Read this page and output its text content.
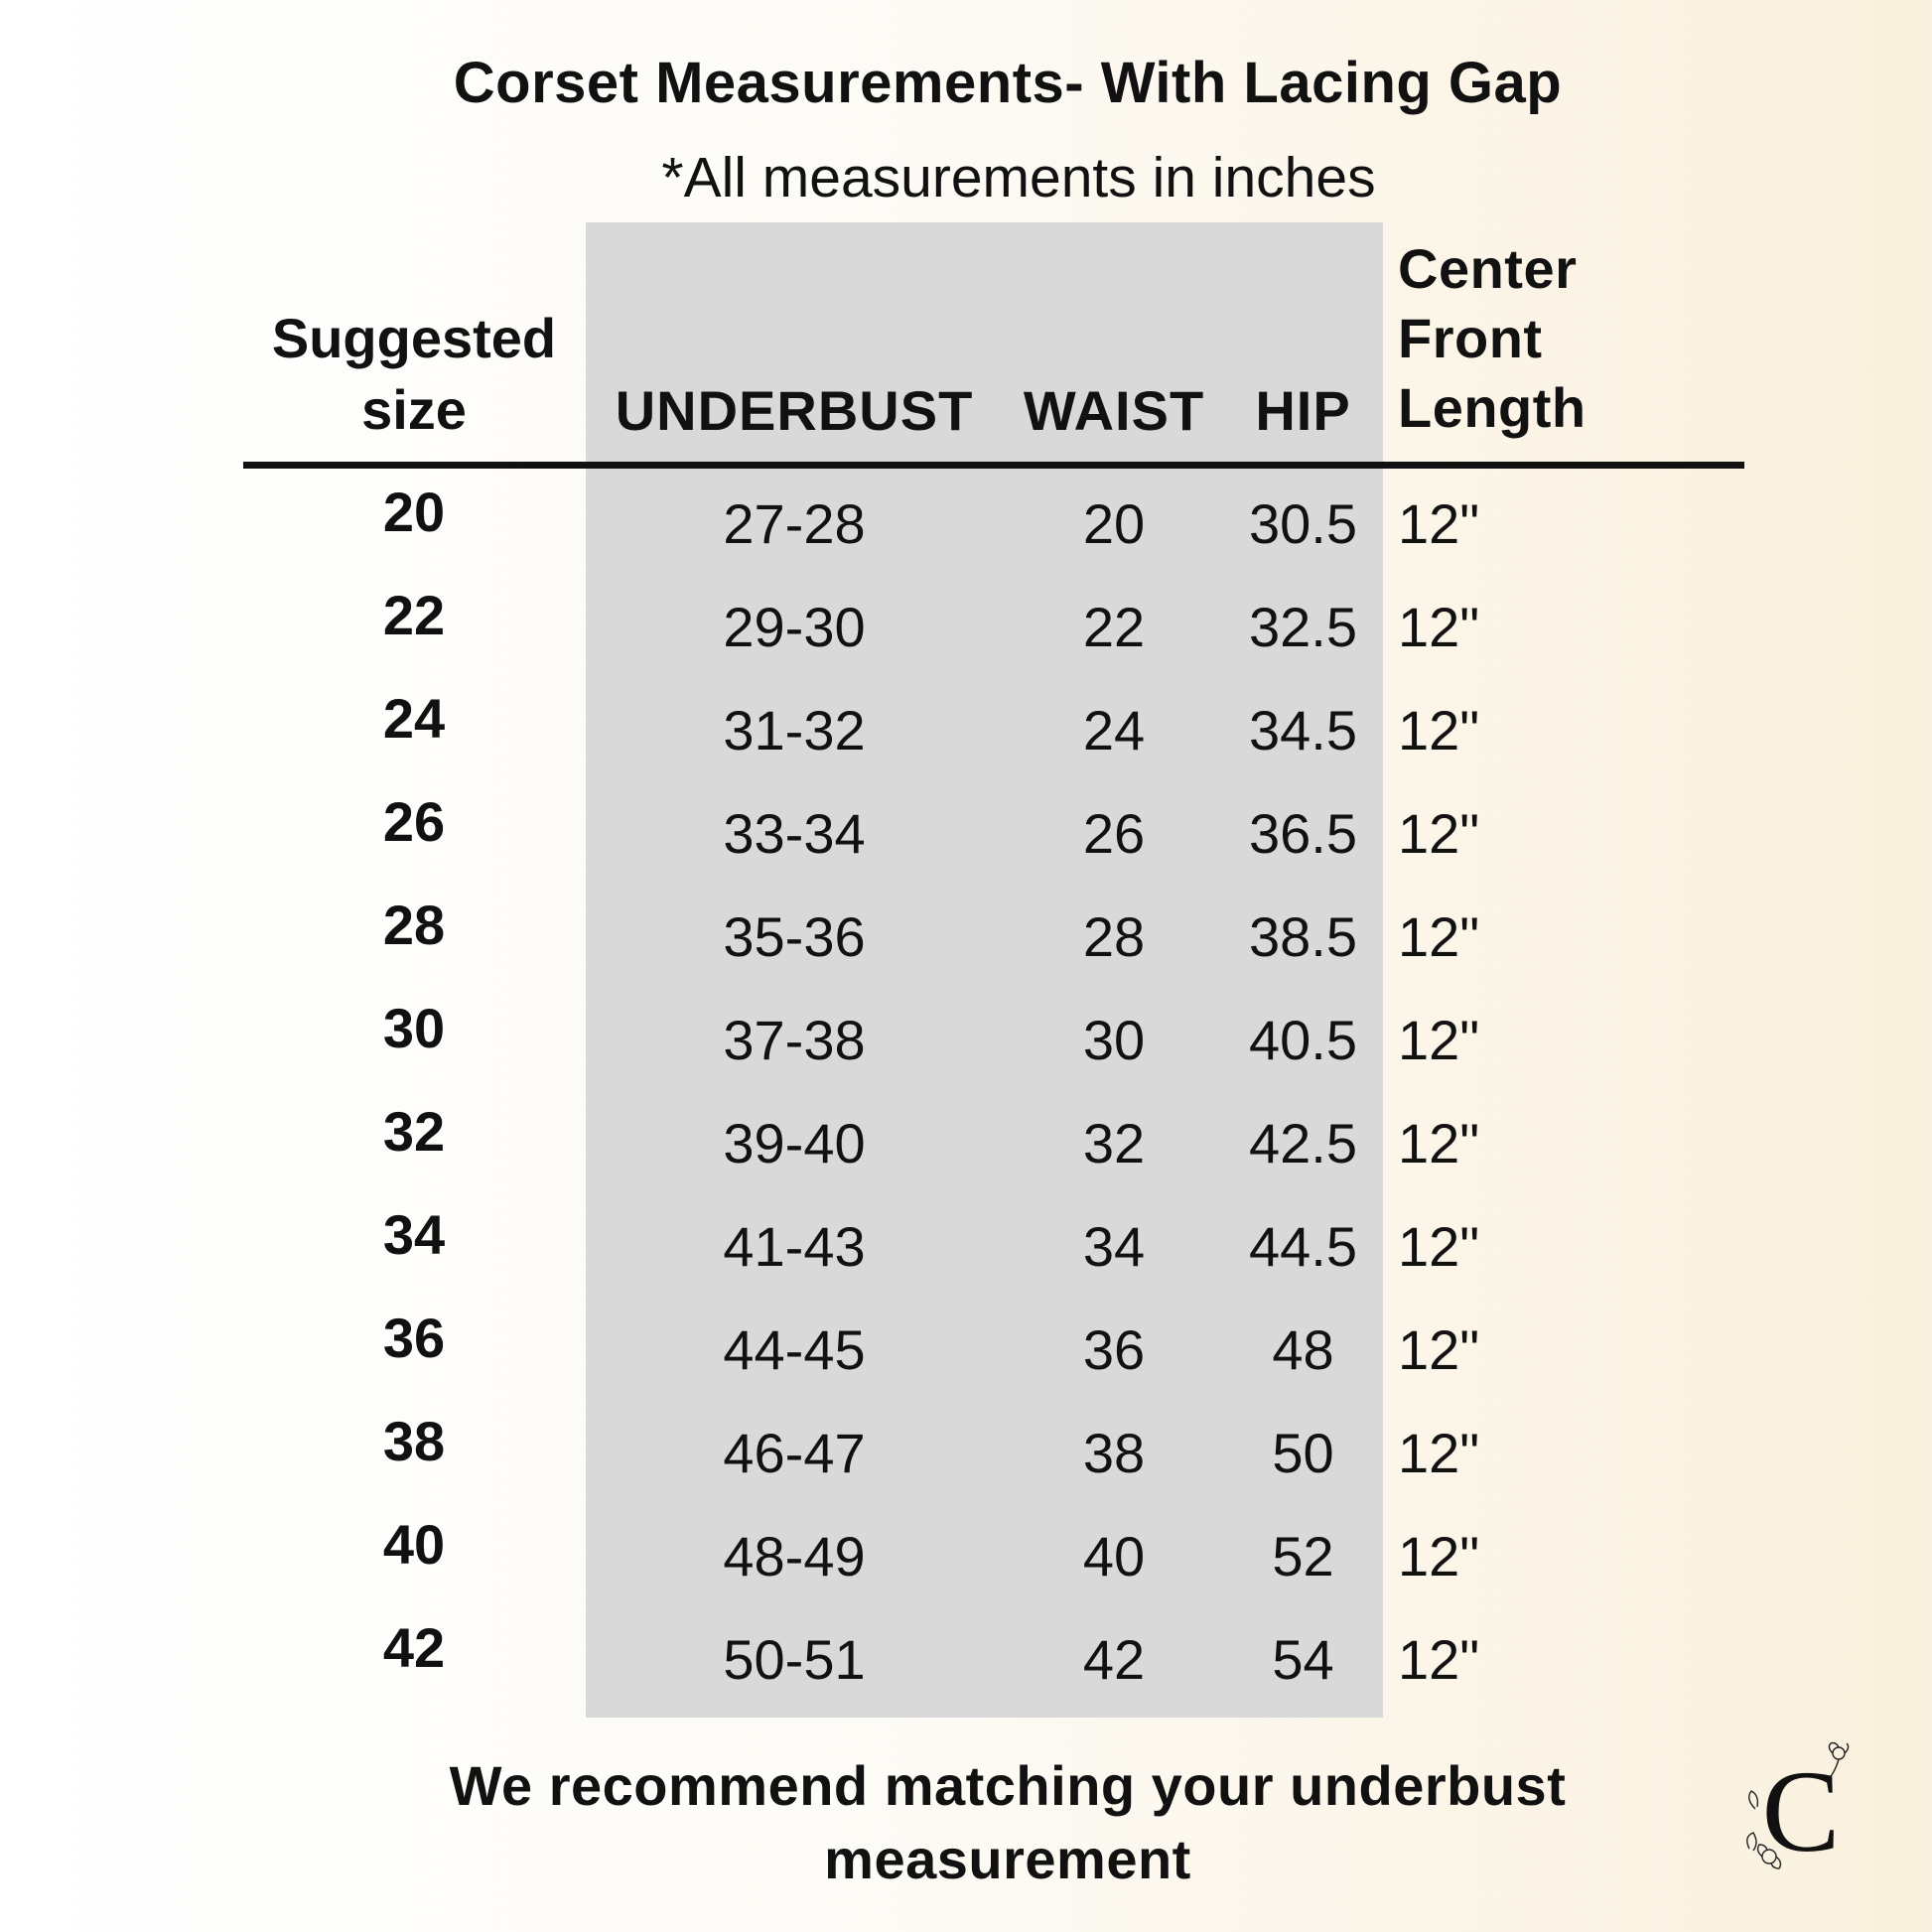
Corset Measurements- With Lacing Gap
*All measurements in inches
Suggested
size	UNDERBUST WAIST HIP
Center
Front
Length
20	27-28	20	30.5 12"
22	29-30	22	32.5 12"
24	31-32	24	34.5 12"
26	33-34	26	36.5 12"
28	35-36	28	38.5 12"
30	37-38	30	40.5 12"
32	39-40	32	42.5 12"
34	41-43	34	44.5 12"
36	44-45	36	48	12"
38	46-47	38	50	12"
40	48-49	40	52	12"
42	50-51	42	54	12"
We recommend matching your underbust
measurement	C
